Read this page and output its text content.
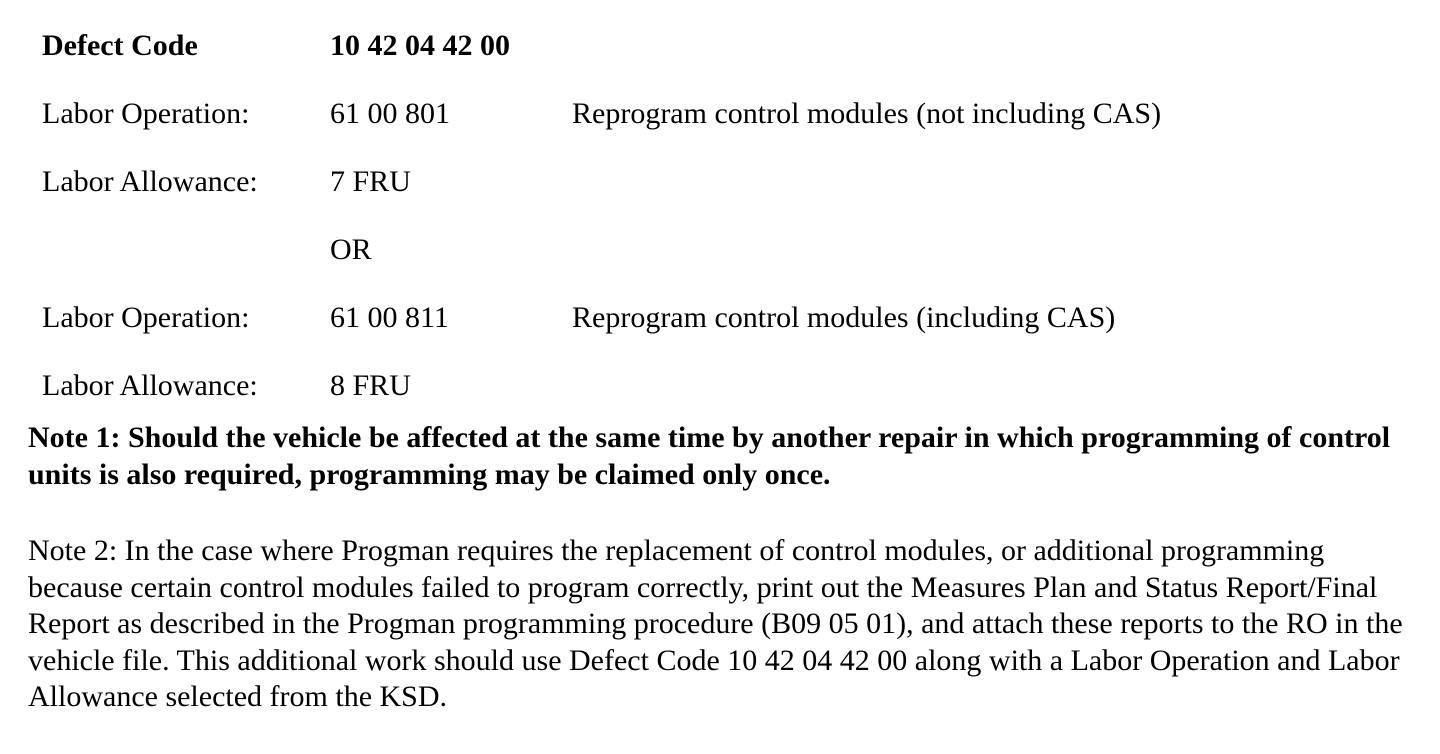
Defect Code	10 42 04 42 00
Labor Operation:	61 00 801	Reprogram control modules (not including CAS)
Labor Allowance: 7 FRU
OR
Labor Operation:	61 00 811	Reprogram control modules (including CAS)
Labor Allowance: 8 FRU

Note 1: Should the vehicle be affected at the same time by another repair in which programming of control units is also required, programming may be claimed only once.

Note 2: In the case where Progman requires the replacement of control modules, or additional programming because certain control modules failed to program correctly, print out the Measures Plan and Status Report/Final Report as described in the Progman programming procedure (B09 05 01), and attach these reports to the RO in the vehicle file. This additional work should use Defect Code 10 42 04 42 00 along with a Labor Operation and Labor Allowance selected from the KSD.
